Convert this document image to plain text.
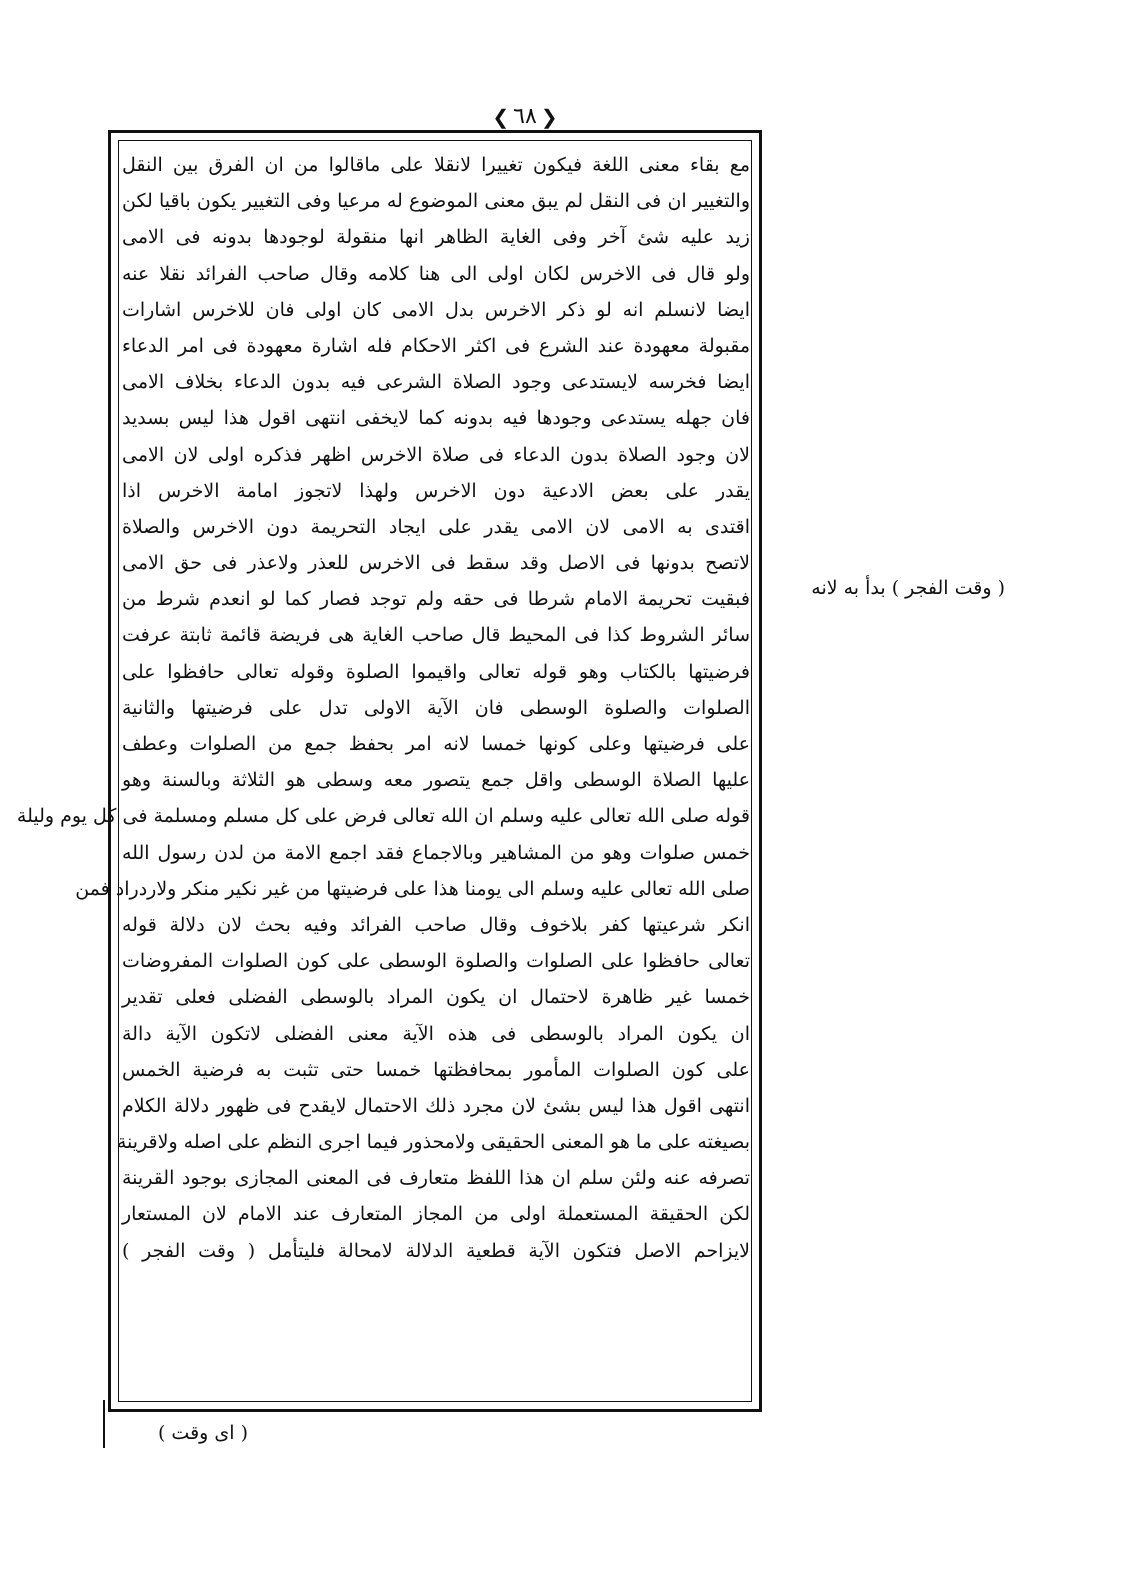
❮ ٦٨ ❯
مع بقاء معنى اللغة فيكون تغييرا لانقلا على ماقالوا من ان الفرق بين النقل
والتغيير ان فى النقل لم يبق معنى الموضوع له مرعيا وفى التغيير يكون باقيا لكن
زيد عليه شئ آخر وفى الغاية الظاهر انها منقولة لوجودها بدونه فى الامى
ولو قال فى الاخرس لكان اولى الى هنا كلامه وقال صاحب الفرائد نقلا عنه
ايضا لانسلم انه لو ذكر الاخرس بدل الامى كان اولى فان للاخرس اشارات
مقبولة معهودة عند الشرع فى اكثر الاحكام فله اشارة معهودة فى امر الدعاء
ايضا فخرسه لايستدعى وجود الصلاة الشرعى فيه بدون الدعاء بخلاف الامى
فان جهله يستدعى وجودها فيه بدونه كما لايخفى انتهى اقول هذا ليس بسديد
لان وجود الصلاة بدون الدعاء فى صلاة الاخرس اظهر فذكره اولى لان الامى
يقدر على بعض الادعية دون الاخرس ولهذا لاتجوز امامة الاخرس اذا
اقتدى به الامى لان الامى يقدر على ايجاد التحريمة دون الاخرس والصلاة
لاتصح بدونها فى الاصل وقد سقط فى الاخرس للعذر ولاعذر فى حق الامى
فبقيت تحريمة الامام شرطا فى حقه ولم توجد فصار كما لو انعدم شرط من
سائر الشروط كذا فى المحيط قال صاحب الغاية هى فريضة قائمة ثابتة عرفت
فرضيتها بالكتاب وهو قوله تعالى واقيموا الصلوة وقوله تعالى حافظوا على
الصلوات والصلوة الوسطى فان الآية الاولى تدل على فرضيتها والثانية
على فرضيتها وعلى كونها خمسا لانه امر بحفظ جمع من الصلوات وعطف
عليها الصلاة الوسطى واقل جمع يتصور معه وسطى هو الثلاثة وبالسنة وهو
قوله صلى الله تعالى عليه وسلم ان الله تعالى فرض على كل مسلم ومسلمة فى كل يوم وليلة
خمس صلوات وهو من المشاهير وبالاجماع فقد اجمع الامة من لدن رسول الله
صلى الله تعالى عليه وسلم الى يومنا هذا على فرضيتها من غير نكير منكر ولاردراد فمن
انكر شرعيتها كفر بلاخوف وقال صاحب الفرائد وفيه بحث لان دلالة قوله
تعالى حافظوا على الصلوات والصلوة الوسطى على كون الصلوات المفروضات
خمسا غير ظاهرة لاحتمال ان يكون المراد بالوسطى الفضلى فعلى تقدير
ان يكون المراد بالوسطى فى هذه الآية معنى الفضلى لاتكون الآية دالة
على كون الصلوات المأمور بمحافظتها خمسا حتى تثبت به فرضية الخمس
انتهى اقول هذا ليس بشئ لان مجرد ذلك الاحتمال لايقدح فى ظهور دلالة الكلام
بصيغته على ما هو المعنى الحقيقى ولامحذور فيما اجرى النظم على اصله ولاقرينة
تصرفه عنه ولئن سلم ان هذا اللفظ متعارف فى المعنى المجازى بوجود القرينة
لكن الحقيقة المستعملة اولى من المجاز المتعارف عند الامام لان المستعار
لايزاحم الاصل فتكون الآية قطعية الدلالة لامحالة فليتأمل ( وقت الفجر )
( وقت الفجر ) بدأ به لانه
( اى وقت )
